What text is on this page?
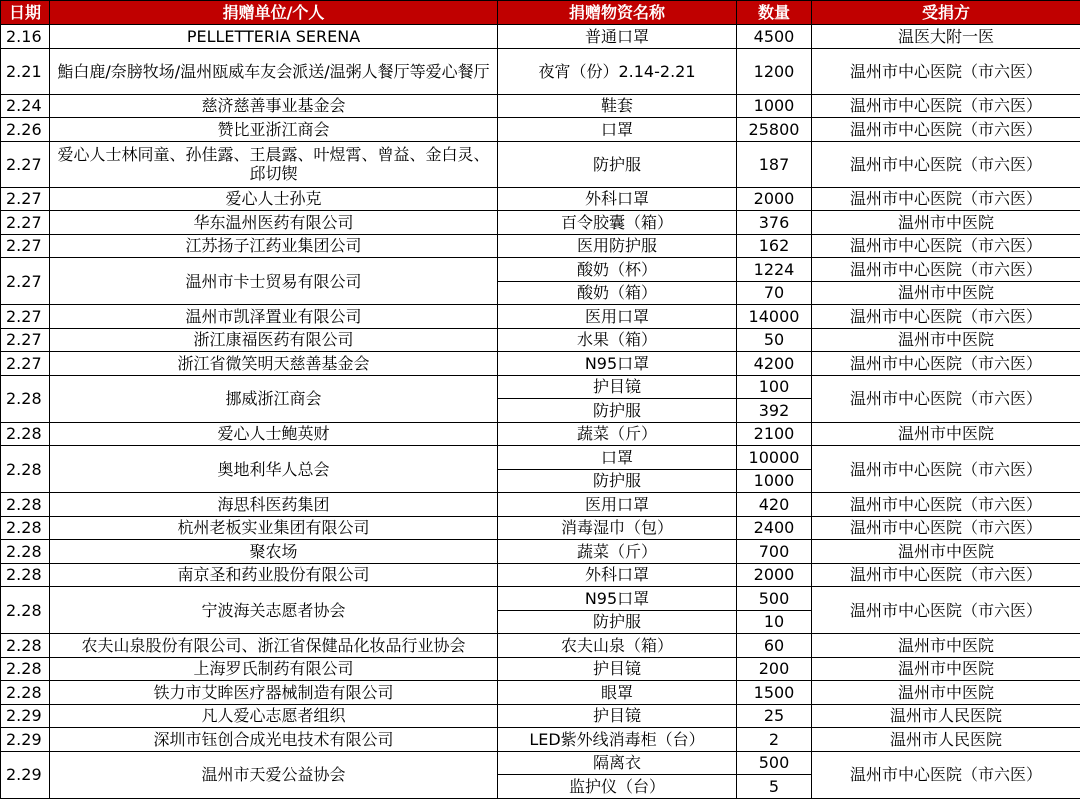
日期	捐赠单位/个人	捐赠物资名称	数量	受捐方
2.16	PELLETTERIA SERENA	普通口罩	4500	温医大附一医
2.21	鮨白鹿/奈膀牧场/温州瓯威车友会派送/温粥人餐厅等爱心餐厅	夜宵（份）2.14-2.21	1200	温州市中心医院（市六医）
2.24	慈济慈善事业基金会	鞋套	1000	温州市中心医院（市六医）
2.26	赞比亚浙江商会	口罩	25800	温州市中心医院（市六医）
2.27	爱心人士林同童、孙佳露、王晨露、叶煜霄、曾益、金白灵、邱切锲	防护服	187	温州市中心医院（市六医）
2.27	爱心人士孙克	外科口罩	2000	温州市中心医院（市六医）
2.27	华东温州医药有限公司	百令胶囊（箱）	376	温州市中医院
2.27	江苏扬子江药业集团公司	医用防护服	162	温州市中心医院（市六医）
2.27	温州市卡士贸易有限公司	酸奶（杯）	1224	温州市中心医院（市六医）
		酸奶（箱）	70	温州市中医院
2.27	温州市凯泽置业有限公司	医用口罩	14000	温州市中心医院（市六医）
2.27	浙江康福医药有限公司	水果（箱）	50	温州市中医院
2.27	浙江省微笑明天慈善基金会	N95口罩	4200	温州市中心医院（市六医）
2.28	挪威浙江商会	护目镜	100	温州市中心医院（市六医）
		防护服	392	
2.28	爱心人士鲍英财	蔬菜（斤）	2100	温州市中医院
2.28	奥地利华人总会	口罩	10000	温州市中心医院（市六医）
		防护服	1000	
2.28	海思科医药集团	医用口罩	420	温州市中心医院（市六医）
2.28	杭州老板实业集团有限公司	消毒湿巾（包）	2400	温州市中心医院（市六医）
2.28	聚农场	蔬菜（斤）	700	温州市中医院
2.28	南京圣和药业股份有限公司	外科口罩	2000	温州市中心医院（市六医）
2.28	宁波海关志愿者协会	N95口罩	500	温州市中心医院（市六医）
		防护服	10	
2.28	农夫山泉股份有限公司、浙江省保健品化妆品行业协会	农夫山泉（箱）	60	温州市中医院
2.28	上海罗氏制药有限公司	护目镜	200	温州市中医院
2.28	铁力市艾眸医疗器械制造有限公司	眼罩	1500	温州市中医院
2.29	凡人爱心志愿者组织	护目镜	25	温州市人民医院
2.29	深圳市钰创合成光电技术有限公司	LED紫外线消毒柜（台）	2	温州市人民医院
2.29	温州市天爱公益协会	隔离衣	500	温州市中心医院（市六医）
		监护仪（台）	5	
